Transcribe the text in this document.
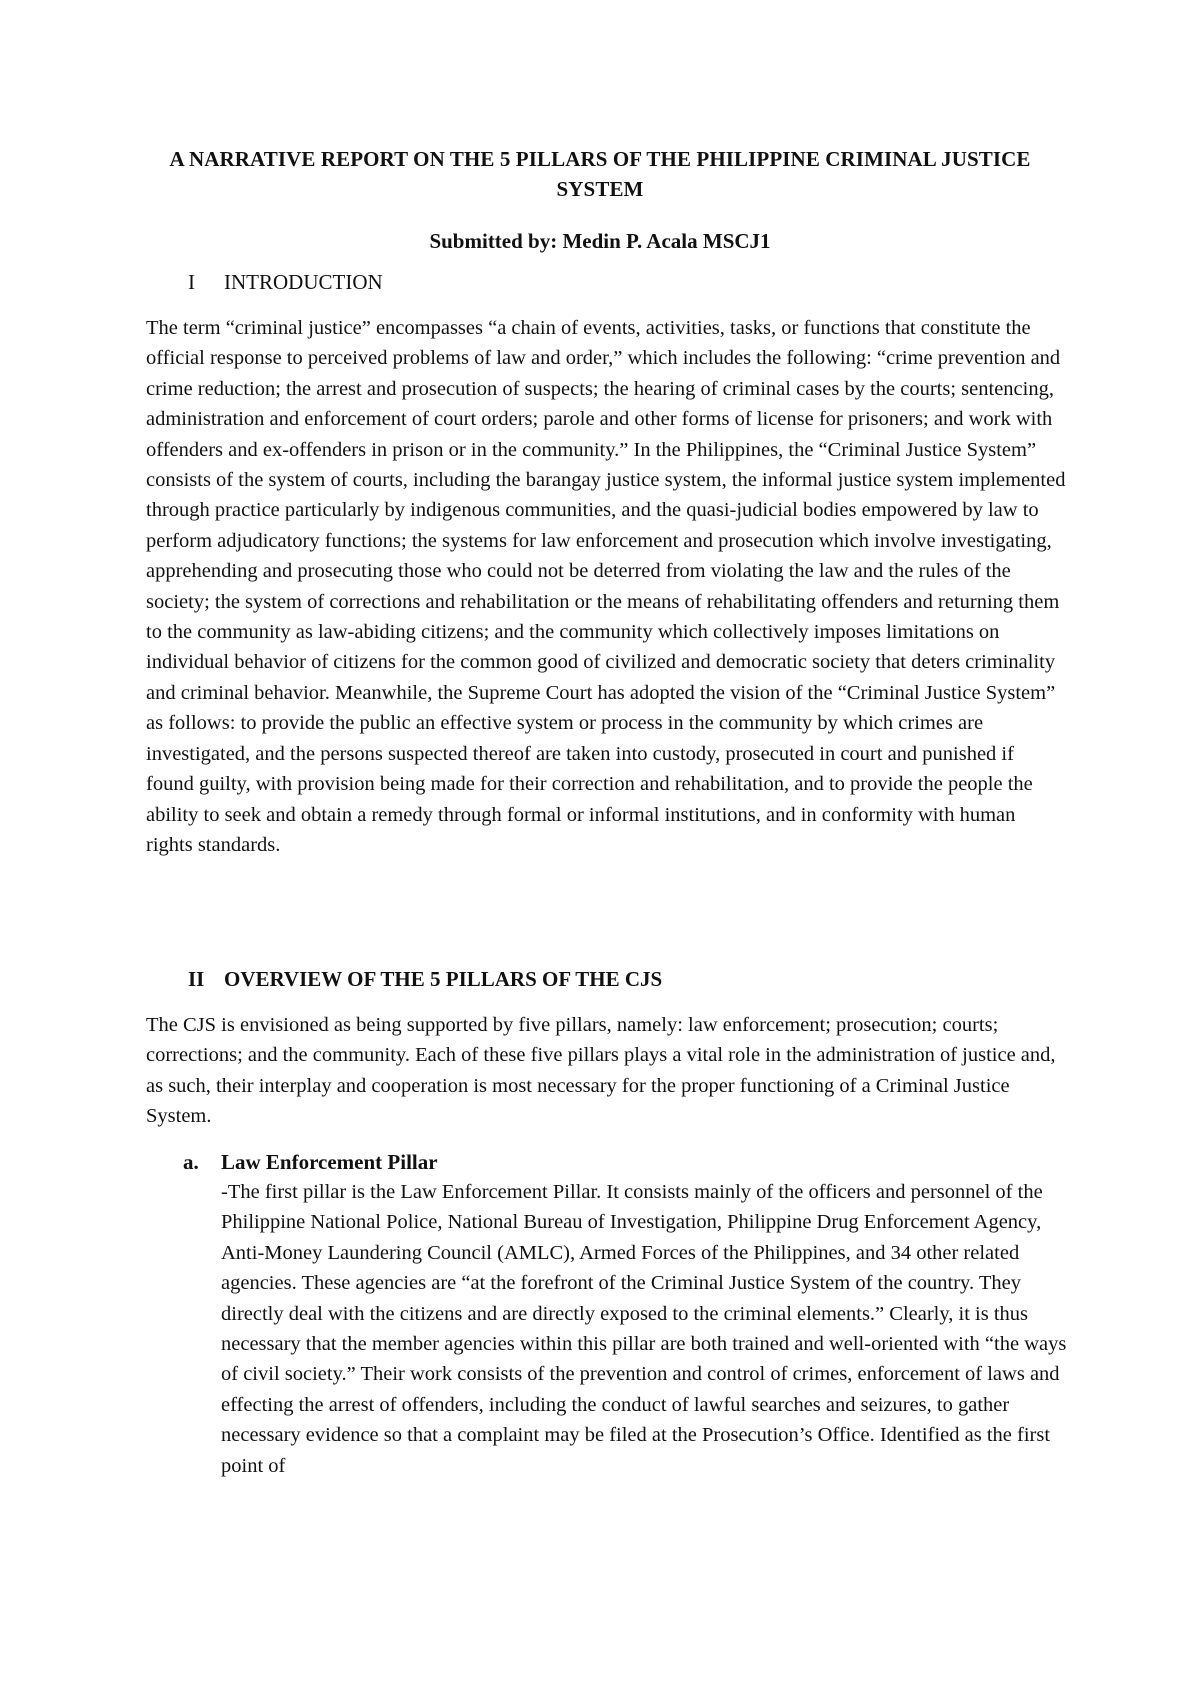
A NARRATIVE REPORT ON THE 5 PILLARS OF THE PHILIPPINE CRIMINAL JUSTICE SYSTEM
Submitted by: Medin P. Acala MSCJ1
I INTRODUCTION
The term “criminal justice” encompasses “a chain of events, activities, tasks, or functions that constitute the official response to perceived problems of law and order,” which includes the following: “crime prevention and crime reduction; the arrest and prosecution of suspects; the hearing of criminal cases by the courts; sentencing, administration and enforcement of court orders; parole and other forms of license for prisoners; and work with offenders and ex-offenders in prison or in the community.” In the Philippines, the “Criminal Justice System” consists of the system of courts, including the barangay justice system, the informal justice system implemented through practice particularly by indigenous communities, and the quasi-judicial bodies empowered by law to perform adjudicatory functions; the systems for law enforcement and prosecution which involve investigating, apprehending and prosecuting those who could not be deterred from violating the law and the rules of the society; the system of corrections and rehabilitation or the means of rehabilitating offenders and returning them to the community as law-abiding citizens; and the community which collectively imposes limitations on individual behavior of citizens for the common good of civilized and democratic society that deters criminality and criminal behavior. Meanwhile, the Supreme Court has adopted the vision of the “Criminal Justice System” as follows: to provide the public an effective system or process in the community by which crimes are investigated, and the persons suspected thereof are taken into custody, prosecuted in court and punished if found guilty, with provision being made for their correction and rehabilitation, and to provide the people the ability to seek and obtain a remedy through formal or informal institutions, and in conformity with human rights standards.
II OVERVIEW OF THE 5 PILLARS OF THE CJS
The CJS is envisioned as being supported by five pillars, namely: law enforcement; prosecution; courts; corrections; and the community. Each of these five pillars plays a vital role in the administration of justice and, as such, their interplay and cooperation is most necessary for the proper functioning of a Criminal Justice System.
a. Law Enforcement Pillar
-The first pillar is the Law Enforcement Pillar. It consists mainly of the officers and personnel of the Philippine National Police, National Bureau of Investigation, Philippine Drug Enforcement Agency, Anti-Money Laundering Council (AMLC), Armed Forces of the Philippines, and 34 other related agencies. These agencies are “at the forefront of the Criminal Justice System of the country. They directly deal with the citizens and are directly exposed to the criminal elements.” Clearly, it is thus necessary that the member agencies within this pillar are both trained and well-oriented with “the ways of civil society.” Their work consists of the prevention and control of crimes, enforcement of laws and effecting the arrest of offenders, including the conduct of lawful searches and seizures, to gather necessary evidence so that a complaint may be filed at the Prosecution’s Office. Identified as the first point of
